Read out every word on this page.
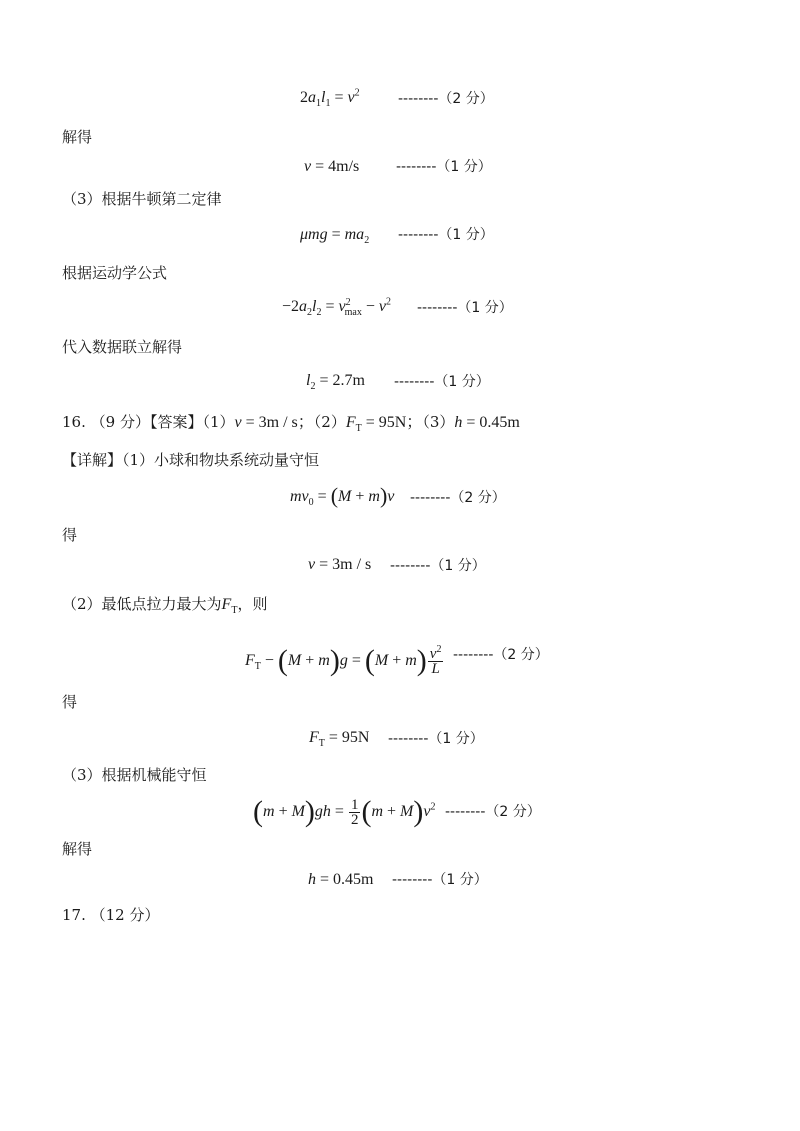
$2a_1l_1 = v^2$	--------（2 分）
解得
v = 4m/s	--------（1 分）
（3）根据牛顿第二定律
$\mu mg = ma_2$ --------（1 分）
根据运动学公式
$-2a_2l_2 = v^2_{max} - v^2$ --------（1 分）
代入数据联立解得
$l_2 = 2.7m$ --------（1 分）
16. （9 分）【答案】（1）v = 3m / s；$(2)F_T = 95N$；（3）h = 0.45m
【详解】（1）小球和物块系统动量守恒
$mv_0 = (M + m)v$ --------（2 分）
得
v = 3m / s --------（1 分）
（2）最低点拉力最大为$F_T$，则
$F_T - (M + m)g = (M + m) \frac{v^2}{L} --------(2$ 分）
得
$F_T = 95N$ --------（1 分）
（3）根据机械能守恒
$(m + M)gh = \frac{1}{2} (m + M)v^2$ --------（2 分）
解得
h = 0.45m --------（1 分）
17. （12 分）
